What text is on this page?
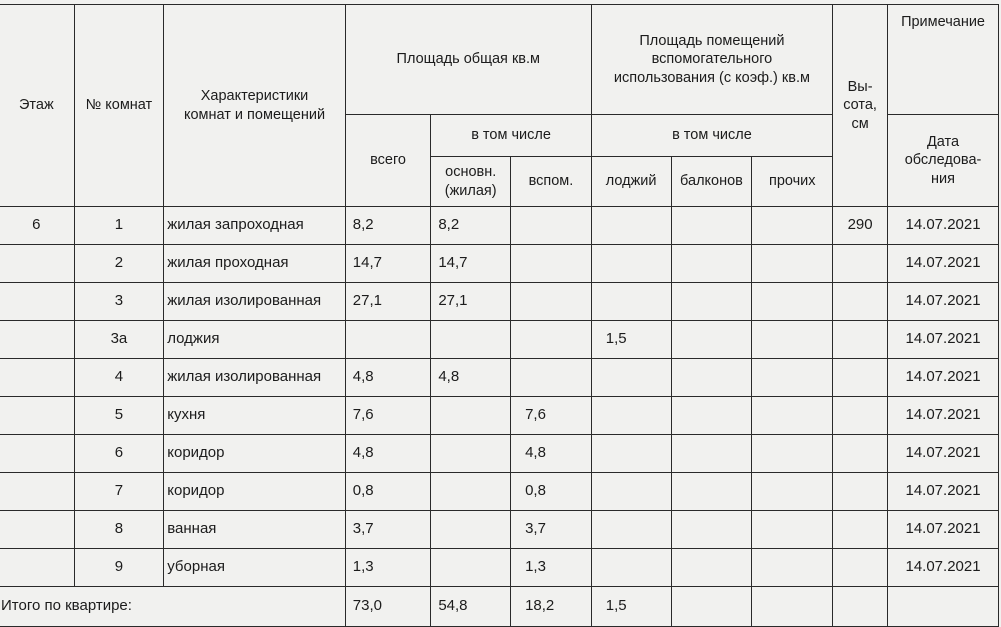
Этаж	№ комнат	Характеристики комнат и помещений	Площадь общая кв.м			Площадь помещений вспомогательного использования (с коэф.) кв.м			Вы- сота, см	Примечание
			всего	в том числе		в том числе				Дата обследова- ния
				основн. (жилая)	вспом.	лоджий	балконов	прочих		
6	1	жилая запроходная	8,2	8,2					290	14.07.2021
	2	жилая проходная	14,7	14,7						14.07.2021
	3	жилая изолированная	27,1	27,1						14.07.2021
	3а	лоджия				1,5				14.07.2021
	4	жилая изолированная	4,8	4,8						14.07.2021
	5	кухня	7,6		7,6					14.07.2021
	6	коридор	4,8		4,8					14.07.2021
	7	коридор	0,8		0,8					14.07.2021
	8	ванная	3,7		3,7					14.07.2021
	9	уборная	1,3		1,3					14.07.2021
Итого по квартире:			73,0	54,8	18,2	1,5				
